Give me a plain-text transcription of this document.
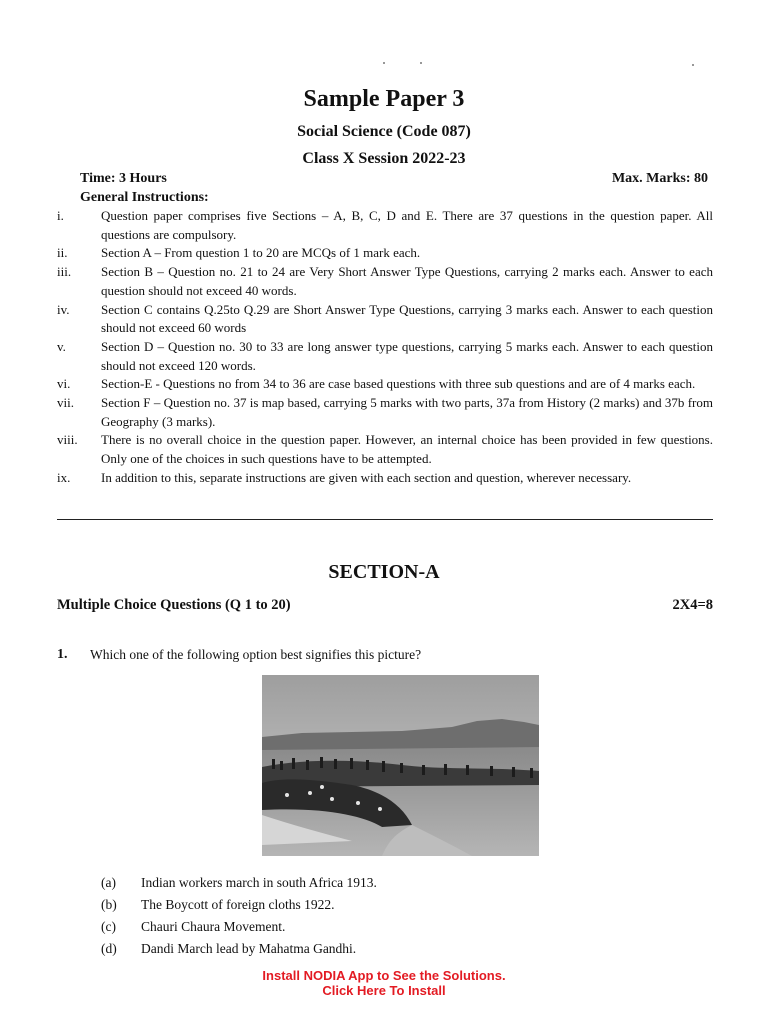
Sample Paper 3
Social Science (Code 087)
Class X Session 2022-23
Time: 3 Hours	Max. Marks: 80
General Instructions:
i.	Question paper comprises five Sections – A, B, C, D and E. There are 37 questions in the question paper. All questions are compulsory.
ii.	Section A – From question 1 to 20 are MCQs of 1 mark each.
iii.	Section B – Question no. 21 to 24 are Very Short Answer Type Questions, carrying 2 marks each. Answer to each question should not exceed 40 words.
iv.	Section C contains Q.25to Q.29 are Short Answer Type Questions, carrying 3 marks each. Answer to each question should not exceed 60 words
v.	Section D – Question no. 30 to 33 are long answer type questions, carrying 5 marks each. Answer to each question should not exceed 120 words.
vi.	Section-E - Questions no from 34 to 36 are case based questions with three sub questions and are of 4 marks each.
vii.	Section F – Question no. 37 is map based, carrying 5 marks with two parts, 37a from History (2 marks) and 37b from Geography (3 marks).
viii.	There is no overall choice in the question paper. However, an internal choice has been provided in few questions. Only one of the choices in such questions have to be attempted.
ix.	In addition to this, separate instructions are given with each section and question, wherever necessary.
SECTION-A
Multiple Choice Questions (Q 1 to 20)	2X4=8
1. Which one of the following option best signifies this picture?
(a) Indian workers march in south Africa 1913.
(b) The Boycott of foreign cloths 1922.
(c) Chauri Chaura Movement.
(d) Dandi March lead by Mahatma Gandhi.
Install NODIA App to See the Solutions.
Click Here To Install
